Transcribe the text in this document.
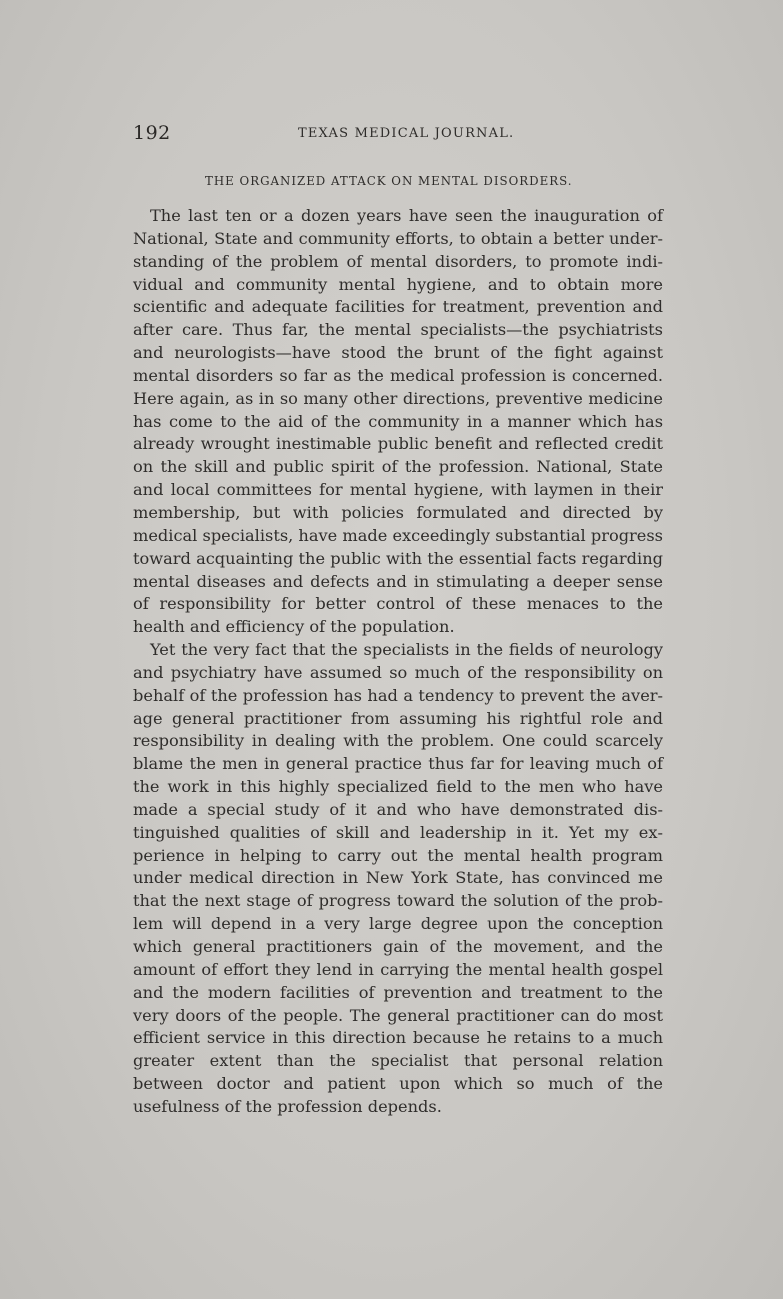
192	TEXAS MEDICAL JOURNAL.
THE ORGANIZED ATTACK ON MENTAL DISORDERS.

The last ten or a dozen years have seen the inauguration of National, State and community efforts, to obtain a better understanding of the problem of mental disorders, to promote individual and community mental hygiene, and to obtain more scientific and adequate facilities for treatment, prevention and after care. Thus far, the mental specialists—the psychiatrists and neurologists—have stood the brunt of the fight against mental disorders so far as the medical profession is concerned. Here again, as in so many other directions, preventive medicine has come to the aid of the community in a manner which has already wrought inestimable public benefit and reflected credit on the skill and public spirit of the profession. National, State and local committees for mental hygiene, with laymen in their membership, but with policies formulated and directed by medical specialists, have made exceedingly substantial progress toward acquainting the public with the essential facts regarding mental diseases and defects and in stimulating a deeper sense of responsibility for better control of these menaces to the health and efficiency of the population.

Yet the very fact that the specialists in the fields of neurology and psychiatry have assumed so much of the responsibility on behalf of the profession has had a tendency to prevent the average general practitioner from assuming his rightful role and responsibility in dealing with the problem. One could scarcely blame the men in general practice thus far for leaving much of the work in this highly specialized field to the men who have made a special study of it and who have demonstrated distinguished qualities of skill and leadership in it. Yet my experience in helping to carry out the mental health program under medical direction in New York State, has convinced me that the next stage of progress toward the solution of the problem will depend in a very large degree upon the conception which general practitioners gain of the movement, and the amount of effort they lend in carrying the mental health gospel and the modern facilities of prevention and treatment to the very doors of the people. The general practitioner can do most efficient service in this direction because he retains to a much greater extent than the specialist that personal relation between doctor and patient upon which so much of the usefulness of the profession depends.
